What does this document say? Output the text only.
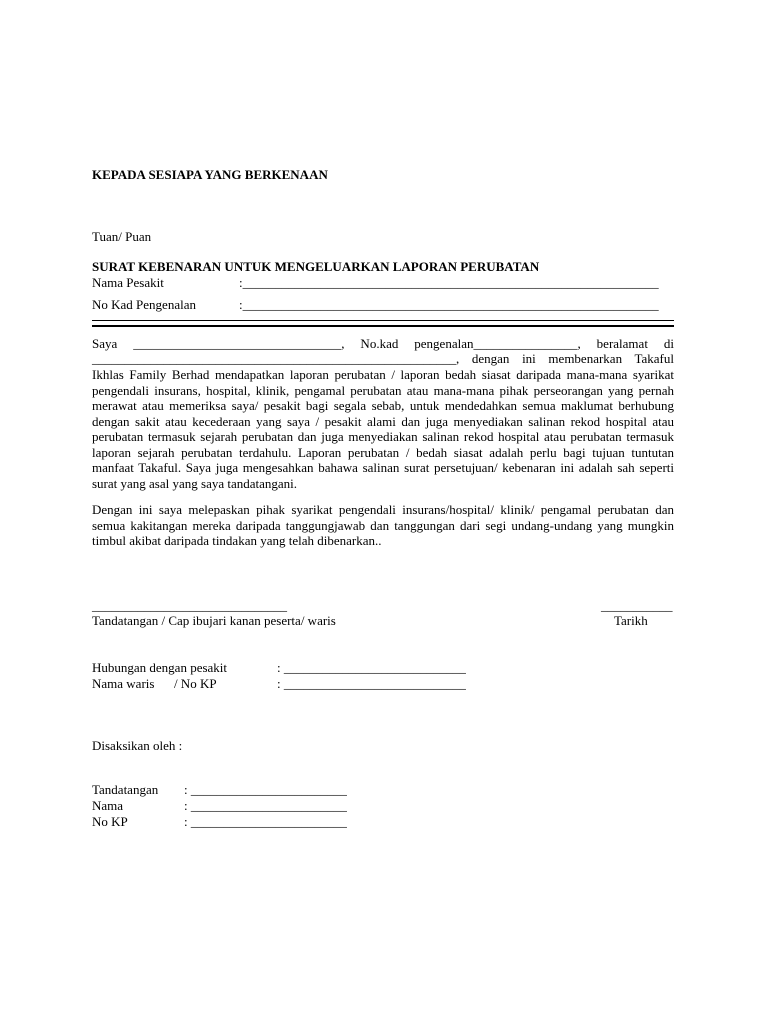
KEPADA SESIAPA YANG BERKENAAN
Tuan/ Puan
SURAT KEBENARAN UNTUK MENGELUARKAN LAPORAN PERUBATAN
Nama Pesakit	:________________________________________________________________
No Kad Pengenalan	:________________________________________________________________
Saya ________________________________, No.kad pengenalan________________, beralamat di
________________________________________________________, dengan ini membenarkan Takaful
Ikhlas Family Berhad mendapatkan laporan perubatan / laporan bedah siasat daripada mana-mana syarikat pengendali insurans, hospital, klinik, pengamal perubatan atau mana-mana pihak perseorangan yang pernah merawat atau memeriksa saya/ pesakit bagi segala sebab, untuk mendedahkan semua maklumat berhubung dengan sakit atau kecederaan yang saya / pesakit alami dan juga menyediakan salinan rekod hospital atau perubatan termasuk sejarah perubatan dan juga menyediakan salinan rekod hospital atau perubatan termasuk laporan sejarah perubatan terdahulu. Laporan perubatan / bedah siasat adalah perlu bagi tujuan tuntutan manfaat Takaful. Saya juga mengesahkan bahawa salinan surat persetujuan/ kebenaran ini adalah sah seperti surat yang asal yang saya tandatangani.
Dengan ini saya melepaskan pihak syarikat pengendali insurans/hospital/ klinik/ pengamal perubatan dan semua kakitangan mereka daripada tanggungjawab dan tanggungan dari segi undang-undang yang mungkin timbul akibat daripada tindakan yang telah dibenarkan..
______________________________
Tandatangan / Cap ibujari kanan peserta/ waris
___________
Tarikh
Hubungan dengan pesakit	: ____________________________
Nama waris      / No KP	: ____________________________
Disaksikan oleh :
Tandatangan : ________________________
Nama	: ________________________
No KP	: ________________________
